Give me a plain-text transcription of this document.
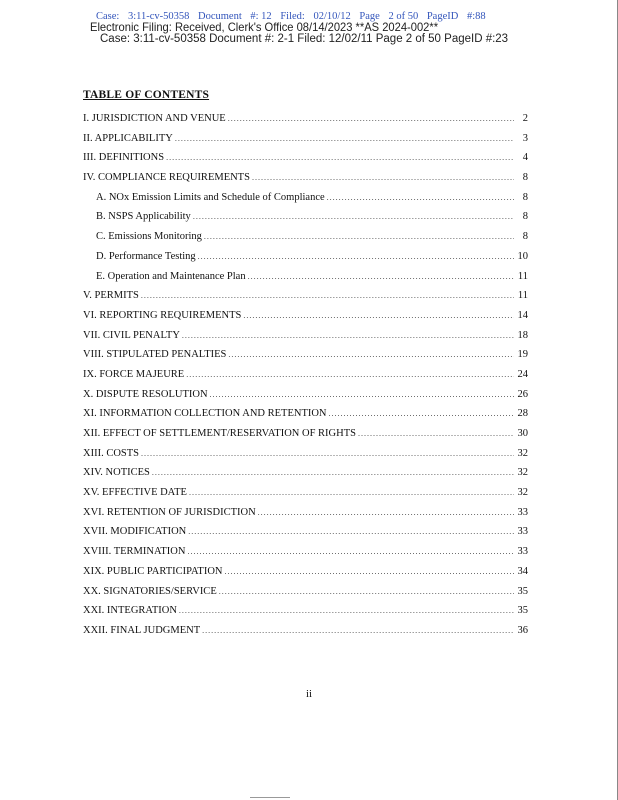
Case: 3:11-cv-50358 Document #: 12 Filed: 02/10/12 Page 2 of 50 PageID #:88
Electronic Filing: Received, Clerk's Office 08/14/2023 **AS 2024-002**
Case: 3:11-cv-50358 Document #: 2-1 Filed: 12/02/11 Page 2 of 50 PageID #:23
TABLE OF CONTENTS
I. JURISDICTION AND VENUE .....	2
II. APPLICABILITY .....	3
III. DEFINITIONS .....	4
IV. COMPLIANCE REQUIREMENTS .....	8
A. NOx Emission Limits and Schedule of Compliance .....	8
B. NSPS Applicability .....	8
C. Emissions Monitoring .....	8
D. Performance Testing .....	10
E. Operation and Maintenance Plan .....	11
V. PERMITS .....	11
VI. REPORTING REQUIREMENTS .....	14
VII. CIVIL PENALTY .....	18
VIII. STIPULATED PENALTIES .....	19
IX. FORCE MAJEURE .....	24
X. DISPUTE RESOLUTION .....	26
XI. INFORMATION COLLECTION AND RETENTION .....	28
XII. EFFECT OF SETTLEMENT/RESERVATION OF RIGHTS .....	30
XIII. COSTS .....	32
XIV. NOTICES .....	32
XV. EFFECTIVE DATE .....	32
XVI. RETENTION OF JURISDICTION .....	33
XVII. MODIFICATION .....	33
XVIII. TERMINATION .....	33
XIX. PUBLIC PARTICIPATION .....	34
XX. SIGNATORIES/SERVICE .....	35
XXI. INTEGRATION .....	35
XXII. FINAL JUDGMENT .....	36
ii
